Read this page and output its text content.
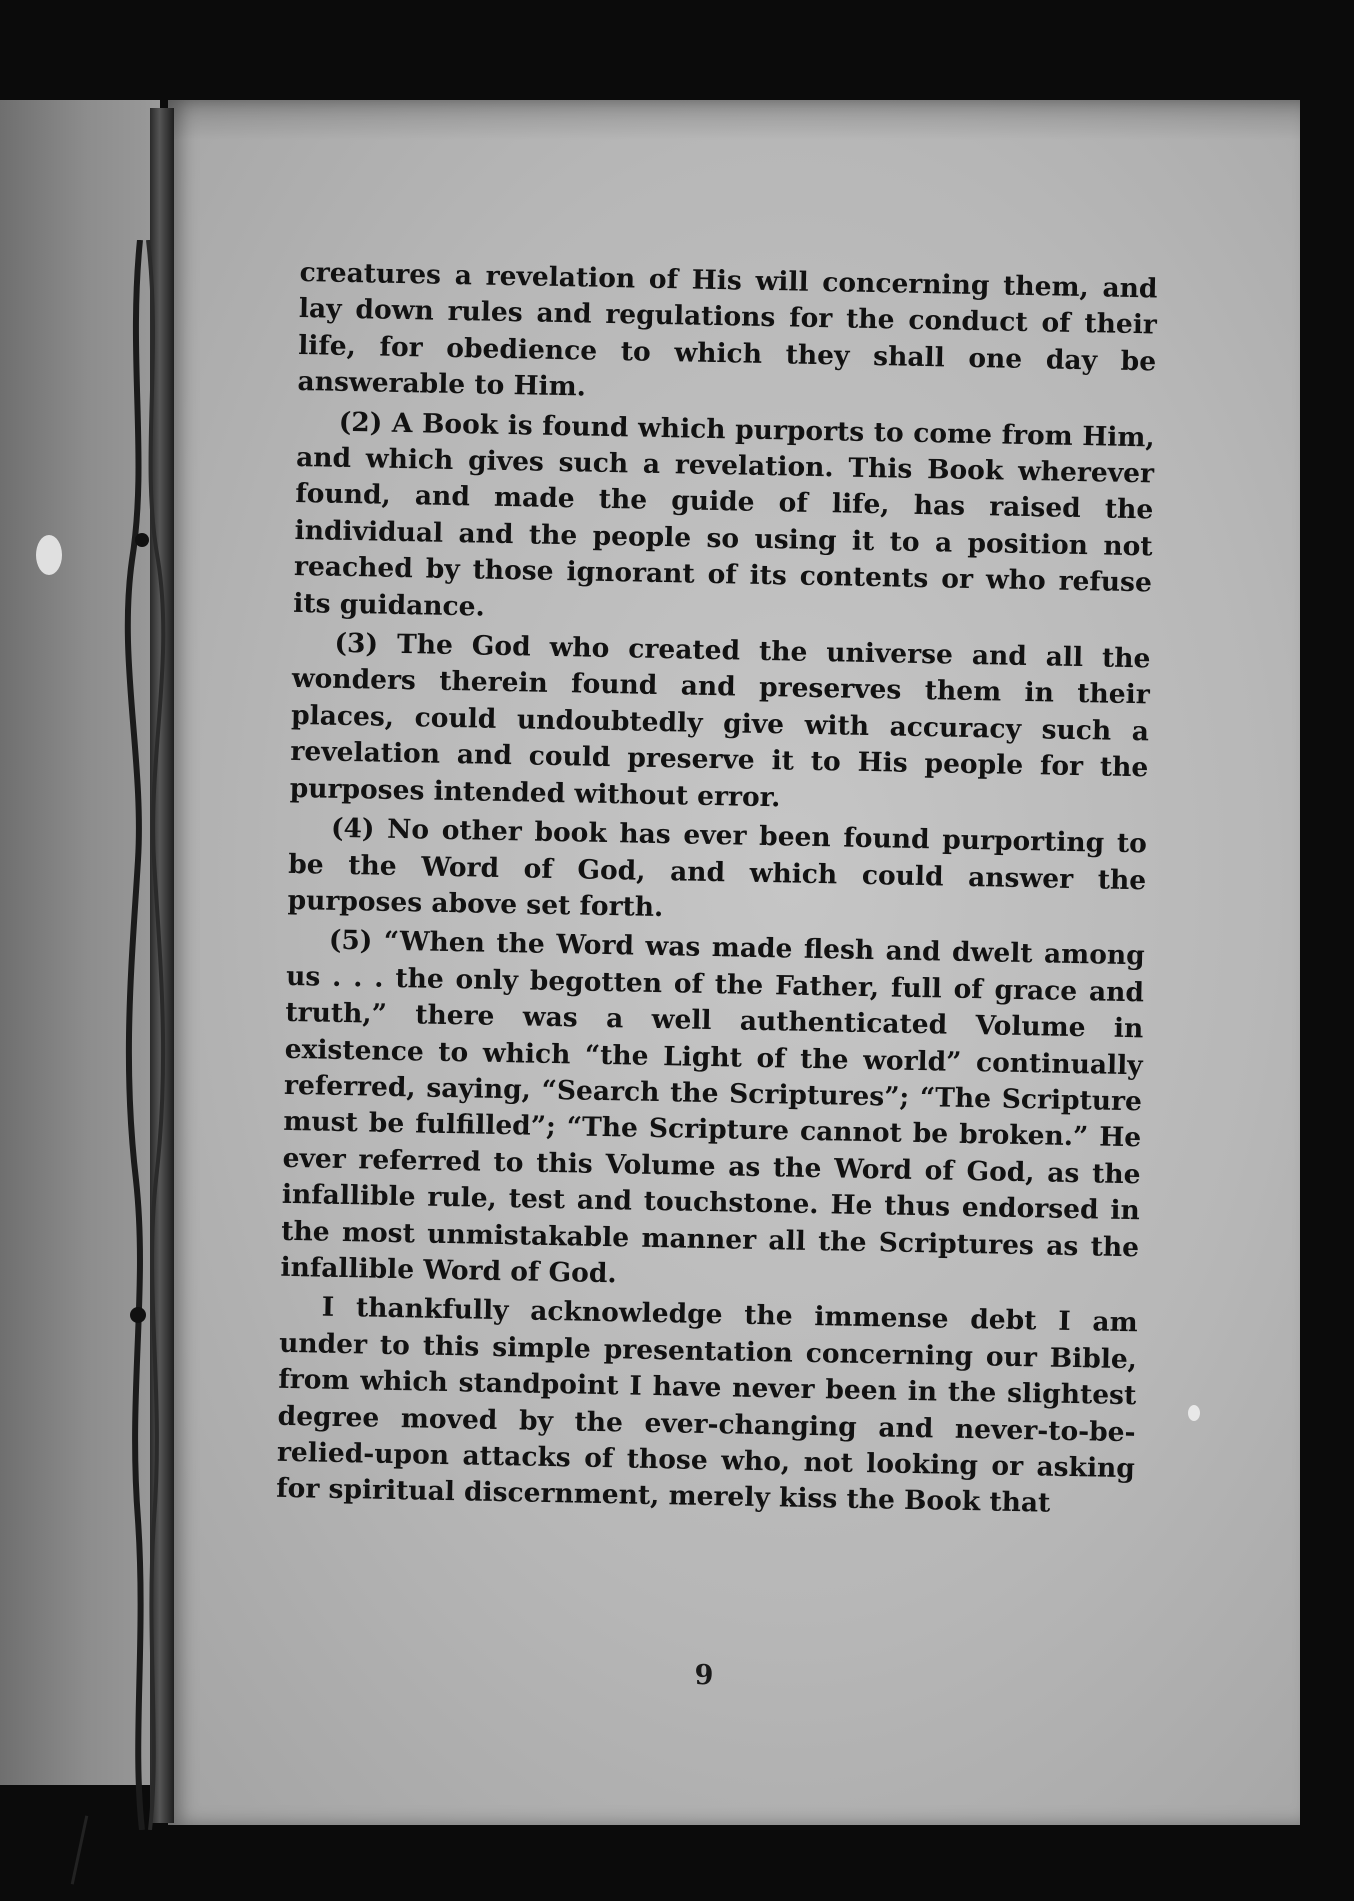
creatures a revelation of His will concerning them, and lay down rules and regulations for the conduct of their life, for obedience to which they shall one day be answerable to Him.

(2) A Book is found which purports to come from Him, and which gives such a revelation. This Book wherever found, and made the guide of life, has raised the individual and the people so using it to a position not reached by those ignorant of its contents or who refuse its guidance.

(3) The God who created the universe and all the wonders therein found and preserves them in their places, could undoubtedly give with accuracy such a revelation and could preserve it to His people for the purposes intended without error.

(4) No other book has ever been found purporting to be the Word of God, and which could answer the purposes above set forth.

(5) “When the Word was made flesh and dwelt among us . . . the only begotten of the Father, full of grace and truth,” there was a well authenticated Volume in existence to which “the Light of the world” continually referred, saying, “Search the Scriptures”; “The Scripture must be fulfilled”; “The Scripture cannot be broken.” He ever referred to this Volume as the Word of God, as the infallible rule, test and touchstone. He thus endorsed in the most unmistakable manner all the Scriptures as the infallible Word of God.

I thankfully acknowledge the immense debt I am under to this simple presentation concerning our Bible, from which standpoint I have never been in the slightest degree moved by the ever-changing and never-to-be-relied-upon attacks of those who, not looking or asking for spiritual discernment, merely kiss the Book that

9
